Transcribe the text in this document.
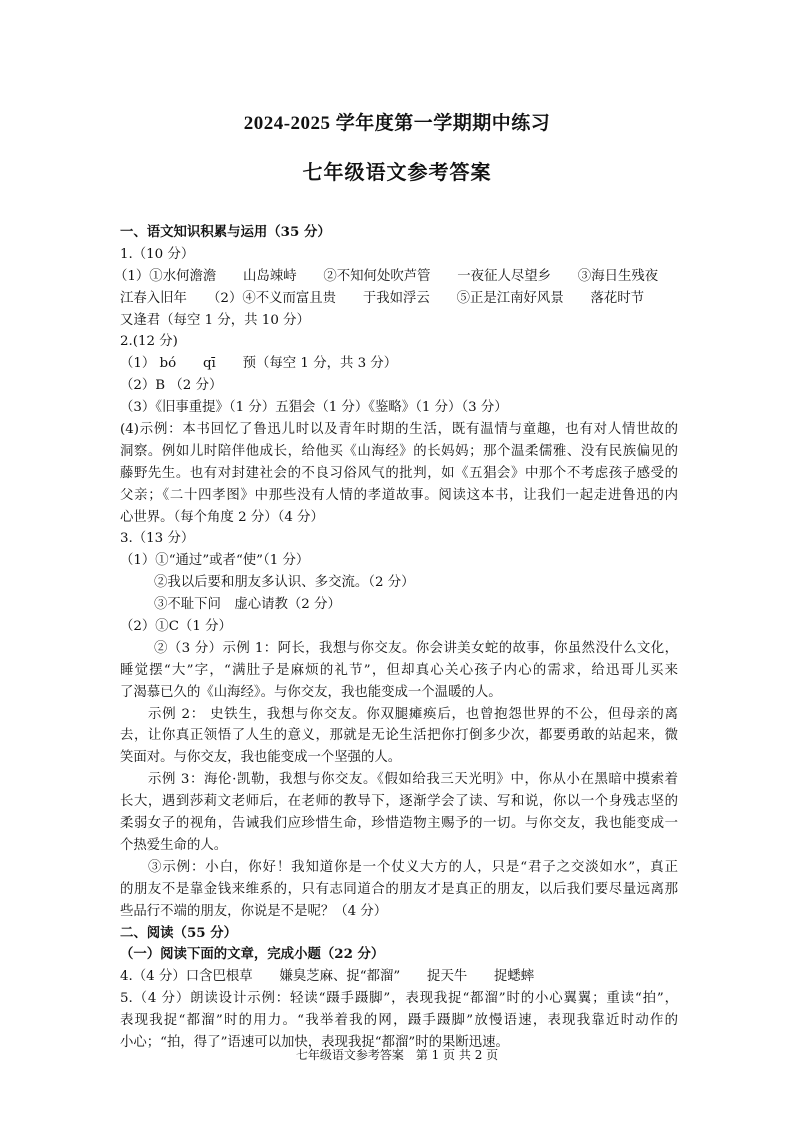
2024-2025 学年度第一学期期中练习
七年级语文参考答案
一、语文知识积累与运用（35 分）
1.（10 分）
（1）①水何澹澹　　山岛竦峙　　②不知何处吹芦管　　一夜征人尽望乡　　③海日生残夜
江春入旧年　　（2）④不义而富且贵　　于我如浮云　　⑤正是江南好风景　　落花时节
又逢君（每空 1 分，共 10 分）
2.(12 分)
（1） bó　　qī　　预（每空 1 分，共 3 分）
（2）B （2 分）
（3）《旧事重提》（1 分）五猖会（1 分）《鉴略》（1 分）（3 分）
(4)示例：本书回忆了鲁迅儿时以及青年时期的生活，既有温情与童趣，也有对人情世故的
洞察。例如儿时陪伴他成长，给他买《山海经》的长妈妈；那个温柔儒雅、没有民族偏见的
藤野先生。也有对封建社会的不良习俗风气的批判，如《五猖会》中那个不考虑孩子感受的
父亲；《二十四孝图》中那些没有人情的孝道故事。阅读这本书，让我们一起走进鲁迅的内
心世界。（每个角度 2 分）（4 分）
3.（13 分）
（1）①“通过”或者“使”（1 分）
②我以后要和朋友多认识、多交流。（2 分）
③不耻下问　虚心请教（2 分）
（2）①C（1 分）
②（3 分）示例 1：阿长，我想与你交友。你会讲美女蛇的故事，你虽然没什么文化，
睡觉摆“大”字，“满肚子是麻烦的礼节”，但却真心关心孩子内心的需求，给迅哥儿买来
了渴慕已久的《山海经》。与你交友，我也能变成一个温暖的人。
示例 2： 史铁生，我想与你交友。你双腿瘫痪后，也曾抱怨世界的不公，但母亲的离
去，让你真正领悟了人生的意义，那就是无论生活把你打倒多少次，都要勇敢的站起来，微
笑面对。与你交友，我也能变成一个坚强的人。
示例 3：海伦·凯勒，我想与你交友。《假如给我三天光明》中，你从小在黑暗中摸索着
长大，遇到莎莉文老师后，在老师的教导下，逐渐学会了读、写和说，你以一个身残志坚的
柔弱女子的视角，告诫我们应珍惜生命，珍惜造物主赐予的一切。与你交友，我也能变成一
个热爱生命的人。
③示例：小白，你好！我知道你是一个仗义大方的人，只是“君子之交淡如水”，真正
的朋友不是靠金钱来维系的，只有志同道合的朋友才是真正的朋友，以后我们要尽量远离那
些品行不端的朋友，你说是不是呢？（4 分）
二、阅读（55 分）
（一）阅读下面的文章，完成小题（22 分）
4.（4 分）口含巴根草　　嫌臭芝麻、捉“都溜”　　捉天牛　　捉蟋蟀
5.（4 分）朗读设计示例：轻读“蹑手蹑脚”，表现我捉“都溜”时的小心翼翼；重读“拍”，
表现我捉“都溜”时的用力。“我举着我的网，蹑手蹑脚”放慢语速，表现我靠近时动作的
小心；“拍，得了”语速可以加快，表现我捉“都溜”时的果断迅速。
七年级语文参考答案　第 1 页 共 2 页
